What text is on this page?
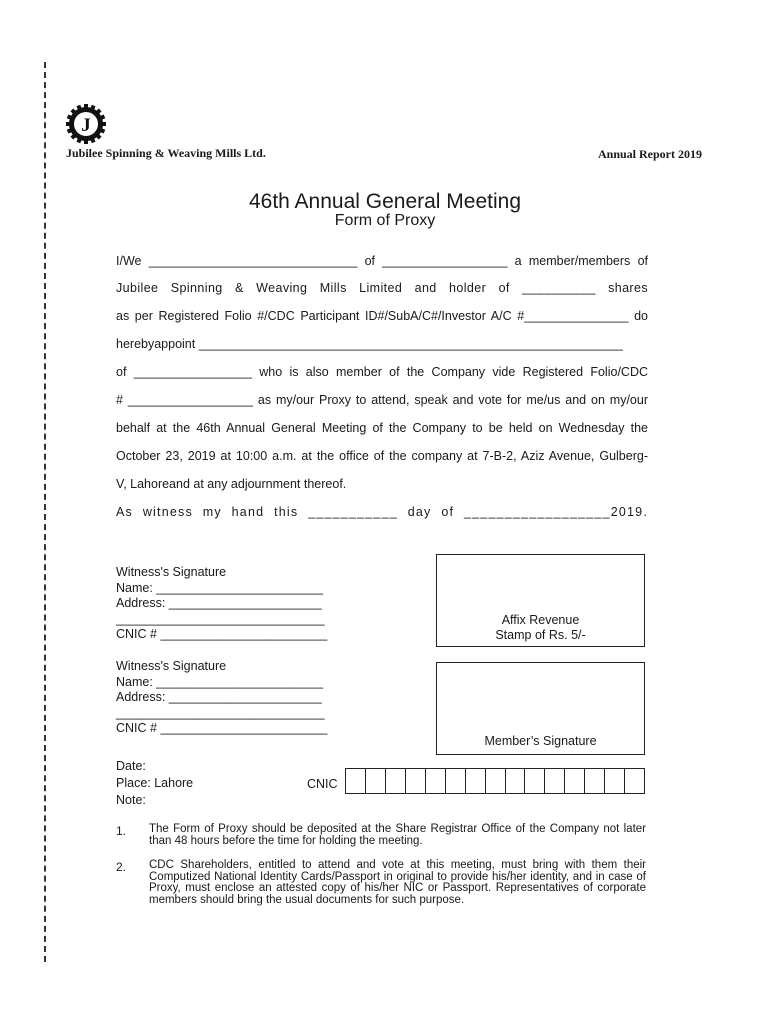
J
Jubilee Spinning & Weaving Mills Ltd.	Annual Report 2019
46th Annual General Meeting
Form of Proxy
I/We ______________________________ of __________________ a member/members of
Jubilee Spinning & Weaving Mills Limited and holder of __________ shares
as per Registered Folio #/CDC Participant ID#/SubA/C#/Investor A/C #_______________ do
herebyappoint _____________________________________________________________
of _________________ who is also member of the Company vide Registered Folio/CDC
# __________________ as my/our Proxy to attend, speak and vote for me/us and on my/our
behalf at the 46th Annual General Meeting of the Company to be held on Wednesday the
October 23, 2019 at 10:00 a.m. at the office of the company at 7-B-2, Aziz Avenue, Gulberg-
V, Lahoreand at any adjournment thereof.
As witness my hand this ___________ day of __________________2019.
Witness's Signature
Name: ________________________
Address: ______________________
______________________________
CNIC # ________________________
Witness's Signature
Name: ________________________
Address: ______________________
______________________________
CNIC # ________________________
Affix Revenue
Stamp of Rs. 5/-
Member’s Signature
Date:
Place: Lahore
Note:
CNIC
1. The Form of Proxy should be deposited at the Share Registrar Office of the Company not later than 48 hours before the time for holding the meeting.
2. CDC Shareholders, entitled to attend and vote at this meeting, must bring with them their Computized National Identity Cards/Passport in original to provide his/her identity, and in case of Proxy, must enclose an attested copy of his/her NIC or Passport. Representatives of corporate members should bring the usual documents for such purpose.
